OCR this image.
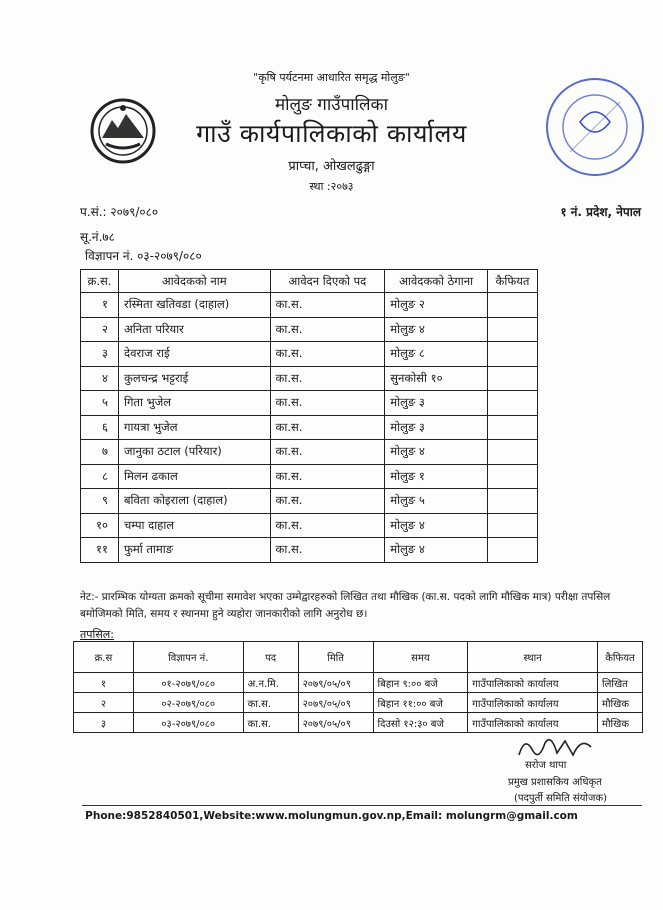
"कृषि पर्यटनमा आधारित समृद्ध मोलुङ"
मोलुङ गाउँपालिका
गाउँ कार्यपालिकाको कार्यालय
प्राप्चा, ओखलढुङ्गा
स्था :२०७३
प.सं.: २०७९/०८०	१ नं. प्रदेश, नेपाल
सू.नं.७८
विज्ञापन नं. ०३-२०७९/०८०
क्र.स.	आवेदकको नाम	आवेदन दिएको पद	आवेदकको ठेगाना	कैफियत
१	रस्मिता खतिवडा (दाहाल)	का.स.	मोलुङ २	
२	अनिता परियार	का.स.	मोलुङ ४	
३	देवराज राई	का.स.	मोलुङ ८	
४	कुलचन्द्र भट्टराई	का.स.	सुनकोसी १०	
५	गिता भुजेल	का.स.	मोलुङ ३	
६	गायत्रा भुजेल	का.स.	मोलुङ ३	
७	जानुका ठटाल (परियार)	का.स.	मोलुङ ४	
८	मिलन ढकाल	का.स.	मोलुङ १	
९	बविता कोइराला (दाहाल)	का.स.	मोलुङ ५	
१०	चम्पा दाहाल	का.स.	मोलुङ ४	
११	फुर्मा तामाङ	का.स.	मोलुङ ४	
नेट:- प्रारम्भिक योग्यता क्रमको सूचीमा समावेश भएका उम्मेद्वारहरुको लिखित तथा मौखिक (का.स. पदको लागि मौखिक मात्र) परीक्षा तपसिल बमोजिमको मिति, समय र स्थानमा हुने व्यहोरा जानकारीको लागि अनुरोध छ।
तपसिल:
क्र.स	विज्ञापन नं.	पद	मिति	समय	स्थान	कैफियत
१	०१-२०७९/०८०	अ.न.मि.	२०७९/०५/०९	बिहान ९:०० बजे	गाउँपालिकाको कार्यालय	लिखित
२	०२-२०७९/०८०	का.स.	२०७९/०५/०९	बिहान ११:०० बजे	गाउँपालिकाको कार्यालय	मौखिक
३	०३-२०७९/०८०	का.स.	२०७९/०५/०९	दिउसो १२:३० बजे	गाउँपालिकाको कार्यालय	मौखिक
सरोज थापा
प्रमुख प्रशासकिय अधिकृत
(पदपुर्ती समिति संयोजक)
Phone:9852840501,Website:www.molungmun.gov.np,Email: molungrm@gmail.com
